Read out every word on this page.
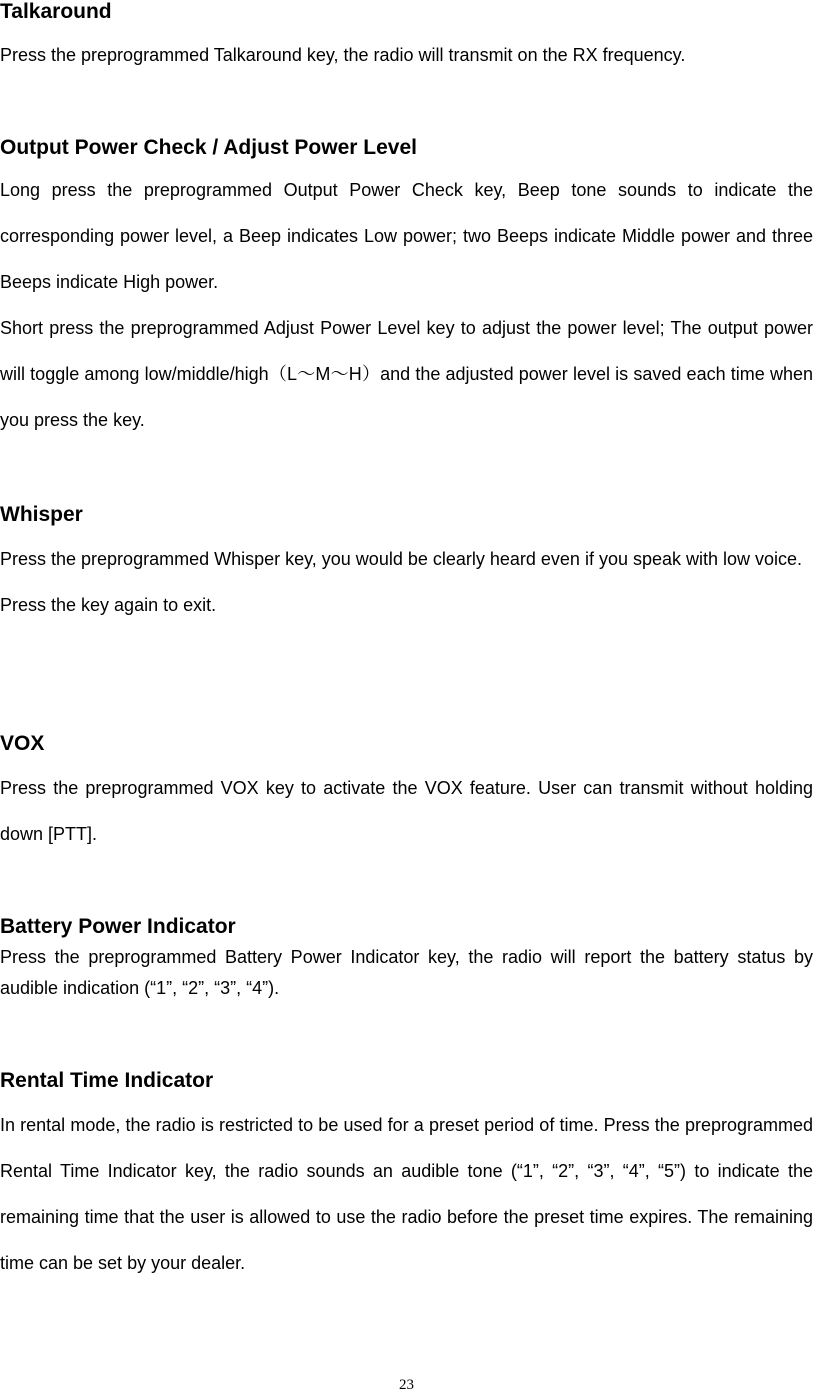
Talkaround

Press the preprogrammed Talkaround key, the radio will transmit on the RX frequency.

Output Power Check / Adjust Power Level

Long press the preprogrammed Output Power Check key, Beep tone sounds to indicate the corresponding power level, a Beep indicates Low power; two Beeps indicate Middle power and three Beeps indicate High power.

Short press the preprogrammed Adjust Power Level key to adjust the power level; The output power will toggle among low/middle/high（L～M～H）and the adjusted power level is saved each time when you press the key.

Whisper

Press the preprogrammed Whisper key, you would be clearly heard even if you speak with low voice.

Press the key again to exit.

VOX

Press the preprogrammed VOX key to activate the VOX feature. User can transmit without holding down [PTT].

Battery Power Indicator

Press the preprogrammed Battery Power Indicator key, the radio will report the battery status by audible indication (“1”, “2”, “3”, “4”).

Rental Time Indicator

In rental mode, the radio is restricted to be used for a preset period of time. Press the preprogrammed Rental Time Indicator key, the radio sounds an audible tone (“1”, “2”, “3”, “4”, “5”) to indicate the remaining time that the user is allowed to use the radio before the preset time expires. The remaining time can be set by your dealer.

23
